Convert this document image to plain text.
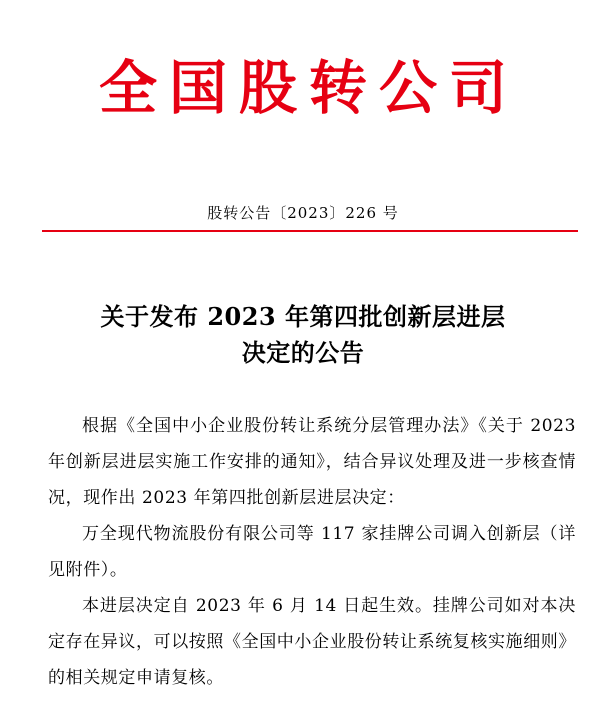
全国股转公司
股转公告〔2023〕226 号
关于发布 2023 年第四批创新层进层
决定的公告

根据《全国中小企业股份转让系统分层管理办法》《关于 2023 年创新层进层实施工作安排的通知》，结合异议处理及进一步核查情况，现作出 2023 年第四批创新层进层决定：

万全现代物流股份有限公司等 117 家挂牌公司调入创新层（详见附件）。

本进层决定自 2023 年 6 月 14 日起生效。挂牌公司如对本决定存在异议，可以按照《全国中小企业股份转让系统复核实施细则》的相关规定申请复核。
